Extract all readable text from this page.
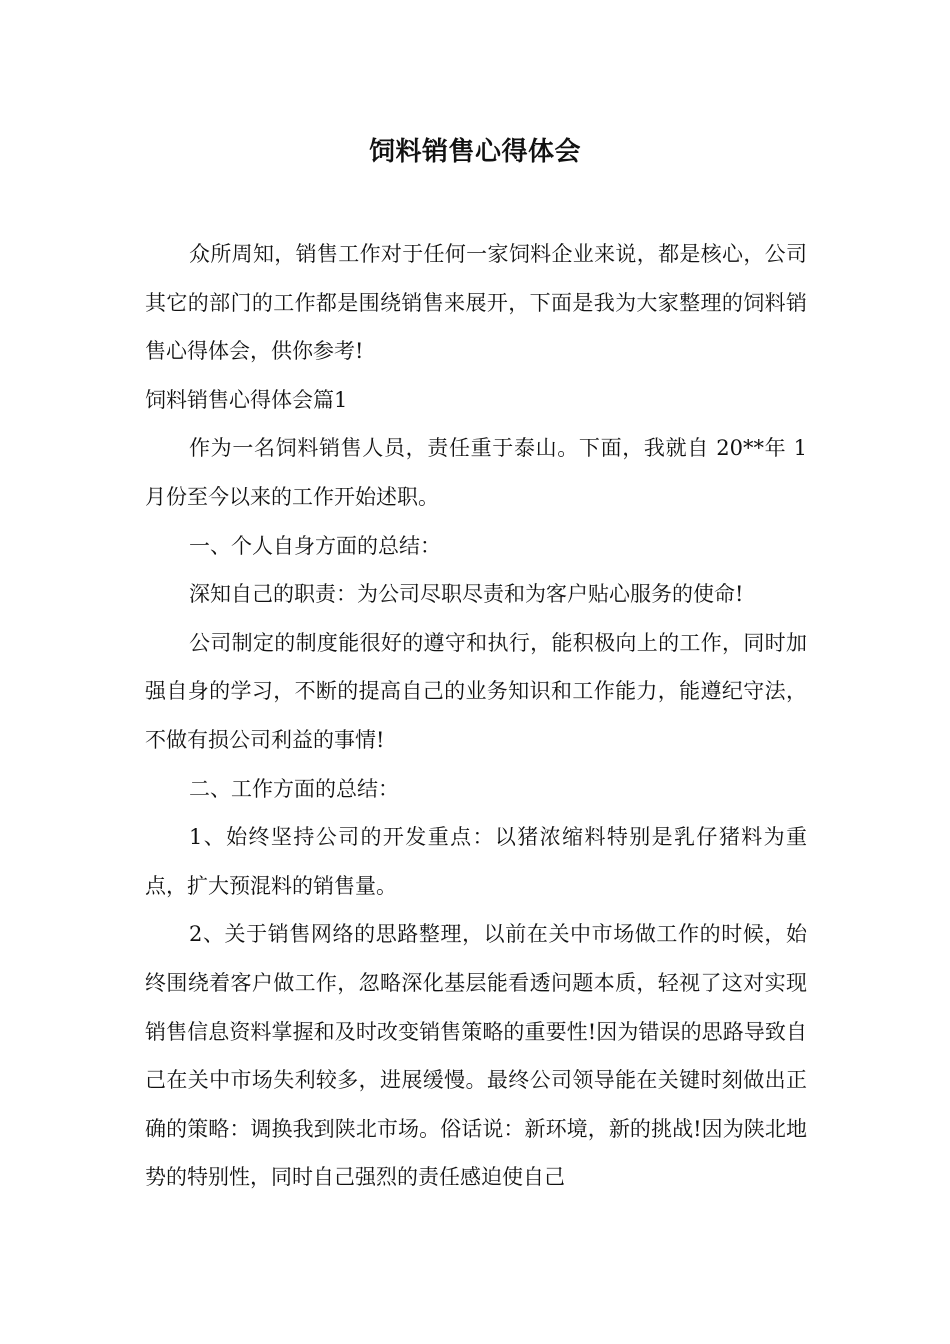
饲料销售心得体会

众所周知，销售工作对于任何一家饲料企业来说，都是核心，公司其它的部门的工作都是围绕销售来展开，下面是我为大家整理的饲料销售心得体会，供你参考!

饲料销售心得体会篇1

作为一名饲料销售人员，责任重于泰山。下面，我就自 20**年 1月份至今以来的工作开始述职。

一、个人自身方面的总结：

深知自己的职责：为公司尽职尽责和为客户贴心服务的使命!

公司制定的制度能很好的遵守和执行，能积极向上的工作，同时加强自身的学习，不断的提高自己的业务知识和工作能力，能遵纪守法，不做有损公司利益的事情!

二、工作方面的总结：

1、始终坚持公司的开发重点：以猪浓缩料特别是乳仔猪料为重点，扩大预混料的销售量。

2、关于销售网络的思路整理，以前在关中市场做工作的时候，始终围绕着客户做工作，忽略深化基层能看透问题本质，轻视了这对实现销售信息资料掌握和及时改变销售策略的重要性!因为错误的思路导致自己在关中市场失利较多，进展缓慢。最终公司领导能在关键时刻做出正确的策略：调换我到陕北市场。俗话说：新环境，新的挑战!因为陕北地势的特别性，同时自己强烈的责任感迫使自己
